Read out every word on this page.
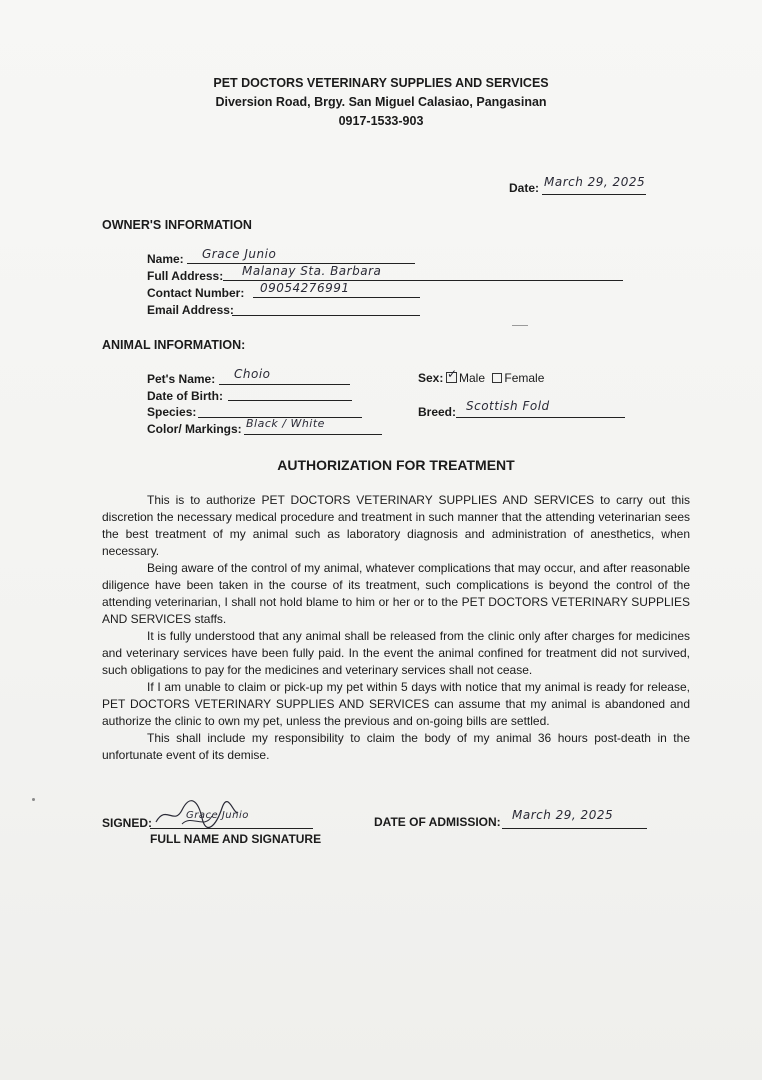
PET DOCTORS VETERINARY SUPPLIES AND SERVICES
Diversion Road, Brgy. San Miguel Calasiao, Pangasinan
0917-1533-903
Date: March 29, 2025
OWNER'S INFORMATION
Name: Grace Junio
Full Address: Malanay Sta. Barbara
Contact Number: 09054276991
Email Address:
ANIMAL INFORMATION:
Pet's Name: Choio
Date of Birth:
Species:
Color/ Markings: Black / White
Sex: ✓ Male Female
Breed: Scottish Fold
AUTHORIZATION FOR TREATMENT

This is to authorize PET DOCTORS VETERINARY SUPPLIES AND SERVICES to carry out this discretion the necessary medical procedure and treatment in such manner that the attending veterinarian sees the best treatment of my animal such as laboratory diagnosis and administration of anesthetics, when necessary.

Being aware of the control of my animal, whatever complications that may occur, and after reasonable diligence have been taken in the course of its treatment, such complications is beyond the control of the attending veterinarian, I shall not hold blame to him or her or to the PET DOCTORS VETERINARY SUPPLIES AND SERVICES staffs.

It is fully understood that any animal shall be released from the clinic only after charges for medicines and veterinary services have been fully paid. In the event the animal confined for treatment did not survived, such obligations to pay for the medicines and veterinary services shall not cease.

If I am unable to claim or pick-up my pet within 5 days with notice that my animal is ready for release, PET DOCTORS VETERINARY SUPPLIES AND SERVICES can assume that my animal is abandoned and authorize the clinic to own my pet, unless the previous and on-going bills are settled.

This shall include my responsibility to claim the body of my animal 36 hours post-death in the unfortunate event of its demise.

SIGNED:
Grace Junio
FULL NAME AND SIGNATURE
DATE OF ADMISSION: March 29, 2025
